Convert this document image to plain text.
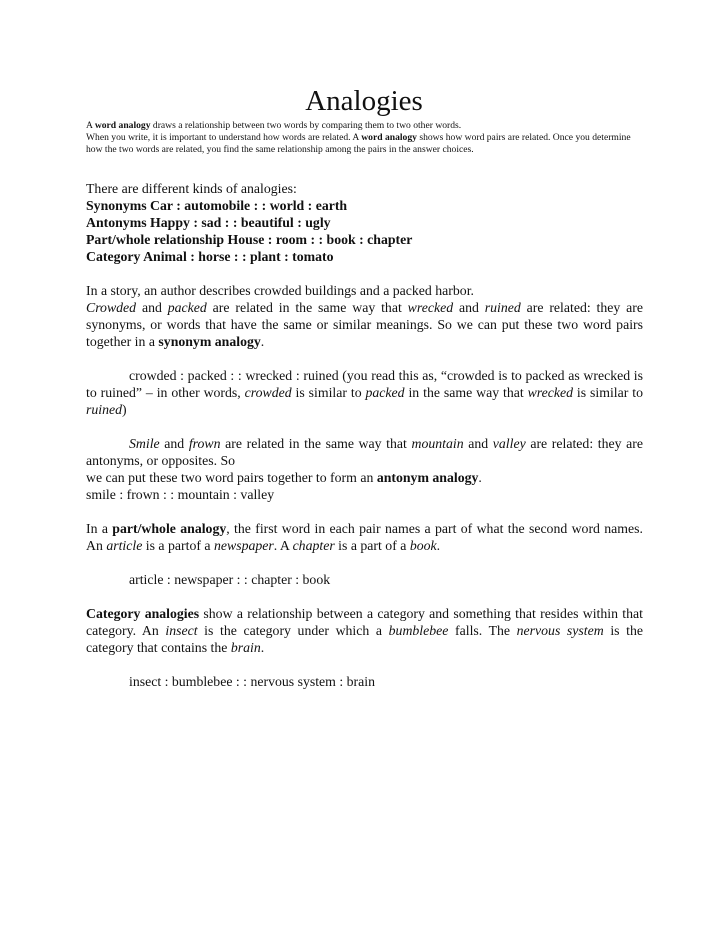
Analogies

A word analogy draws a relationship between two words by comparing them to two other words.

When you write, it is important to understand how words are related. A word analogy shows how word pairs are related. Once you determine how the two words are related, you find the same relationship among the pairs in the answer choices.

There are different kinds of analogies:

Synonyms Car : automobile : : world : earth

Antonyms Happy : sad : : beautiful : ugly

Part/whole relationship House : room : : book : chapter

Category Animal : horse : : plant : tomato

In a story, an author describes crowded buildings and a packed harbor.

Crowded and packed are related in the same way that wrecked and ruined are related: they are synonyms, or words that have the same or similar meanings. So we can put these two word pairs together in a synonym analogy.

crowded : packed : : wrecked : ruined (you read this as, “crowded is to packed as wrecked is to ruined” – in other words, crowded is similar to packed in the same way that wrecked is similar to ruined)

Smile and frown are related in the same way that mountain and valley are related: they are antonyms, or opposites. So

we can put these two word pairs together to form an antonym analogy.

smile : frown : : mountain : valley

In a part/whole analogy, the first word in each pair names a part of what the second word names. An article is a partof a newspaper. A chapter is a part of a book.

article : newspaper : : chapter : book

Category analogies show a relationship between a category and something that resides within that category. An insect is the category under which a bumblebee falls. The nervous system is the category that contains the brain.

insect : bumblebee : : nervous system : brain
